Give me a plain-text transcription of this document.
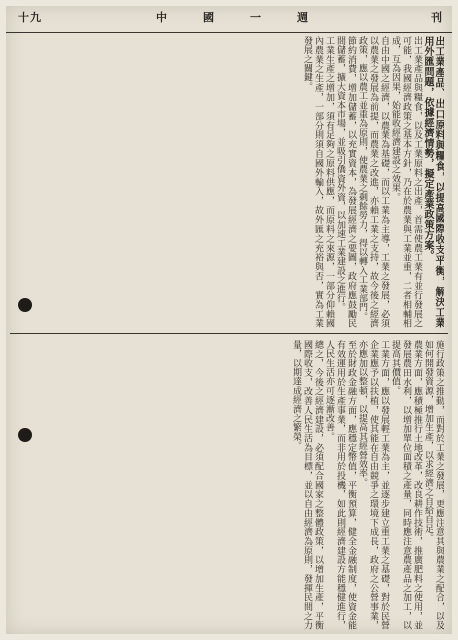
十九	中國一週	刊

出工業產品、出口原料與糧食，以提高國際收支平衡，解決工業用外匯問題，依據經濟情勢，擬定產業政策方案。

出工業產品與糧食，以及工業原料之出產，首需使農工業有並行發展之可能，我國經濟政策之基本方針，乃在於農業與工業並重，二者相輔相成，互為因果，始能收經濟建設之效果。

自由中國之經濟，以農業為基礎，而以工業為主導，工業之發展，必須以農業之發展為前提，而農業之改進，亦賴工業之支持，故今後之經濟政策，應以農工並重為原則，使農業之剩餘勞力，得以轉入工業部門。

節約消費，增加儲蓄，以充實資本，為發展經濟之要圖，政府應鼓勵民間儲蓄，擴大資本市場，並吸引僑資外資，以加速工業建設之進行。

工業生產之增加，須有足夠之原料供應，而原料之來源，一部分仰賴國內農業之生產，一部分則須自國外輸入，故外匯之充裕與否，實為工業發展之關鍵。

施行政策之推動，而對於工業之發展，更應注意其與農業之配合，以及如何開發資源，增加生產，以求經濟之自給自足。

農業方面，應積極推行土地改革，改良耕作技術，推廣肥料之使用，並發展農田水利，以增加單位面積之產量，同時應注意農產品之加工，以提高其價值。

工業方面，應以發展輕工業為主，並逐步建立重工業之基礎，對於民營企業應予以扶植，使其能在自由競爭之環境下成長，政府之公營事業，亦應加以整頓，以提高其經營效率。

至於財政金融方面，應穩定幣值，平衡預算，健全金融制度，使資金能有效運用於生產事業，而非用於投機，如此則經濟建設方能穩健進行，人民生活亦可逐漸改善。

總之，今後之經濟建設，必須配合國家之整體政策，以增加生產，平衡國際收支，改善人民生活為目標，並以自由經濟為原則，發揮民間之力量，以期達成經濟之繁榮。
